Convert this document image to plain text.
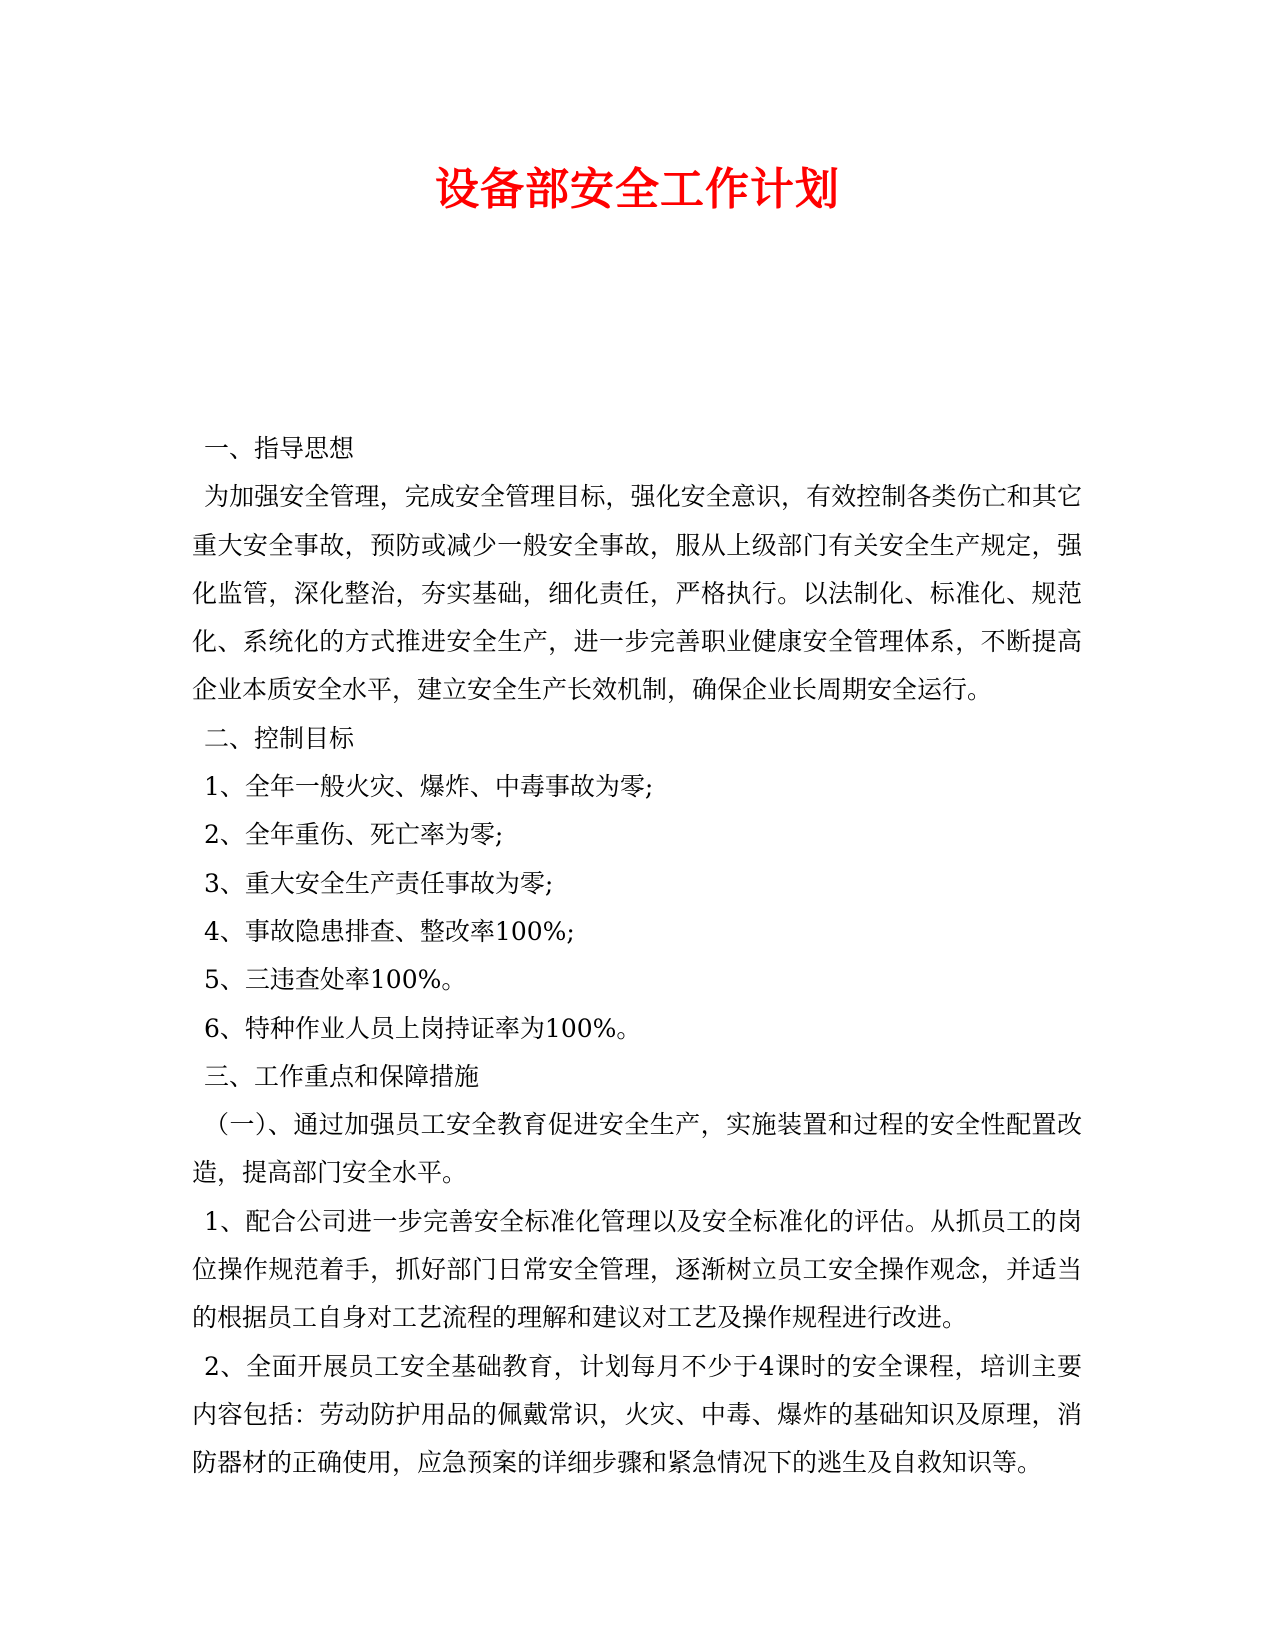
设备部安全工作计划

一、指导思想

为加强安全管理，完成安全管理目标，强化安全意识，有效控制各类伤亡和其它重大安全事故，预防或减少一般安全事故，服从上级部门有关安全生产规定，强化监管，深化整治，夯实基础，细化责任，严格执行。以法制化、标准化、规范化、系统化的方式推进安全生产，进一步完善职业健康安全管理体系，不断提高企业本质安全水平，建立安全生产长效机制，确保企业长周期安全运行。

二、控制目标

1、全年一般火灾、爆炸、中毒事故为零;

2、全年重伤、死亡率为零;

3、重大安全生产责任事故为零;

4、事故隐患排查、整改率100%;

5、三违查处率100%。

6、特种作业人员上岗持证率为100%。

三、工作重点和保障措施

（一）、通过加强员工安全教育促进安全生产，实施装置和过程的安全性配置改造，提高部门安全水平。

1、配合公司进一步完善安全标准化管理以及安全标准化的评估。从抓员工的岗位操作规范着手，抓好部门日常安全管理，逐渐树立员工安全操作观念，并适当的根据员工自身对工艺流程的理解和建议对工艺及操作规程进行改进。

2、全面开展员工安全基础教育，计划每月不少于4课时的安全课程，培训主要内容包括：劳动防护用品的佩戴常识，火灾、中毒、爆炸的基础知识及原理，消防器材的正确使用，应急预案的详细步骤和紧急情况下的逃生及自救知识等。
